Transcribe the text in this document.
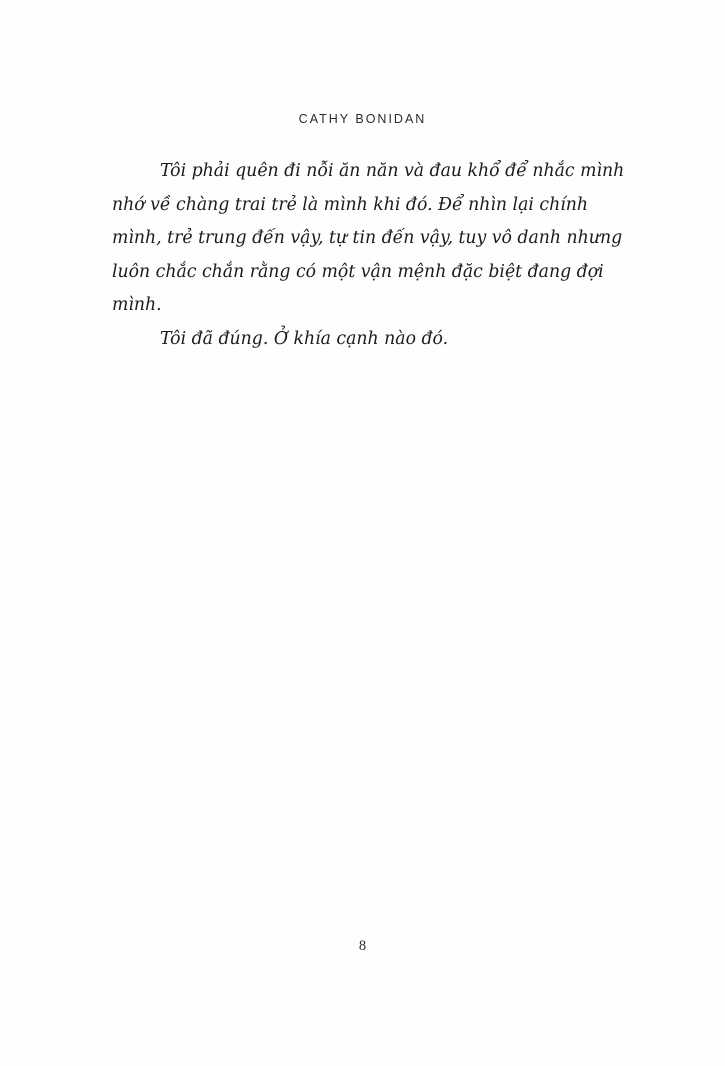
CATHY BONIDAN

Tôi phải quên đi nỗi ăn năn và đau khổ để nhắc mình nhớ về chàng trai trẻ là mình khi đó. Để nhìn lại chính mình, trẻ trung đến vậy, tự tin đến vậy, tuy vô danh nhưng luôn chắc chắn rằng có một vận mệnh đặc biệt đang đợi mình.

Tôi đã đúng. Ở khía cạnh nào đó.

8
